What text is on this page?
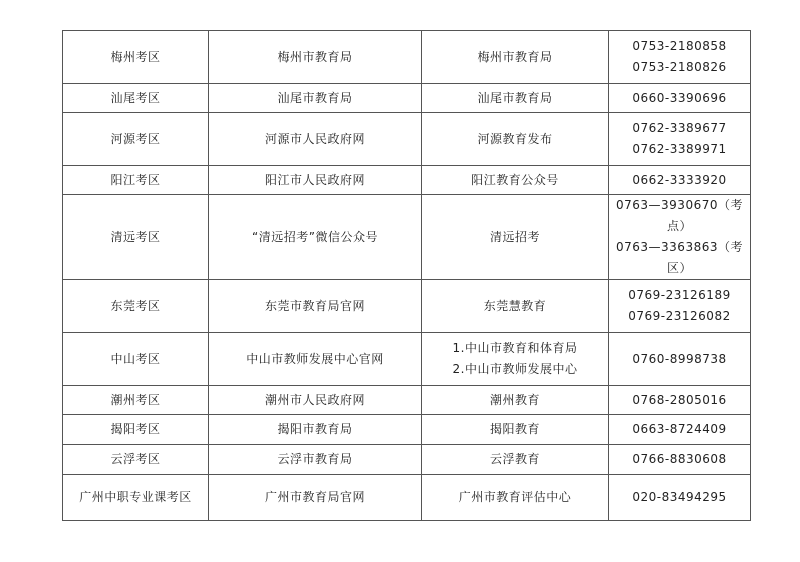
梅州考区	梅州市教育局	梅州市教育局	0753-2180858
0753-2180826

汕尾考区	汕尾市教育局	汕尾市教育局	0660-3390696

河源考区	河源市人民政府网	河源教育发布	0762-3389677
0762-3389971

阳江考区	阳江市人民政府网	阳江教育公众号	0662-3333920

清远考区	“清远招考”微信公众号	清远招考	0763—3930670（考
点）
0763—3363863（考
区）

东莞考区	东莞市教育局官网	东莞慧教育	0769-23126189
0769-23126082

中山考区	中山市教师发展中心官网	1.中山市教育和体育局
2.中山市教师发展中心	0760-8998738

潮州考区	潮州市人民政府网	潮州教育	0768-2805016

揭阳考区	揭阳市教育局	揭阳教育	0663-8724409

云浮考区	云浮市教育局	云浮教育	0766-8830608

广州中职专业课考区	广州市教育局官网	广州市教育评估中心	020-83494295
